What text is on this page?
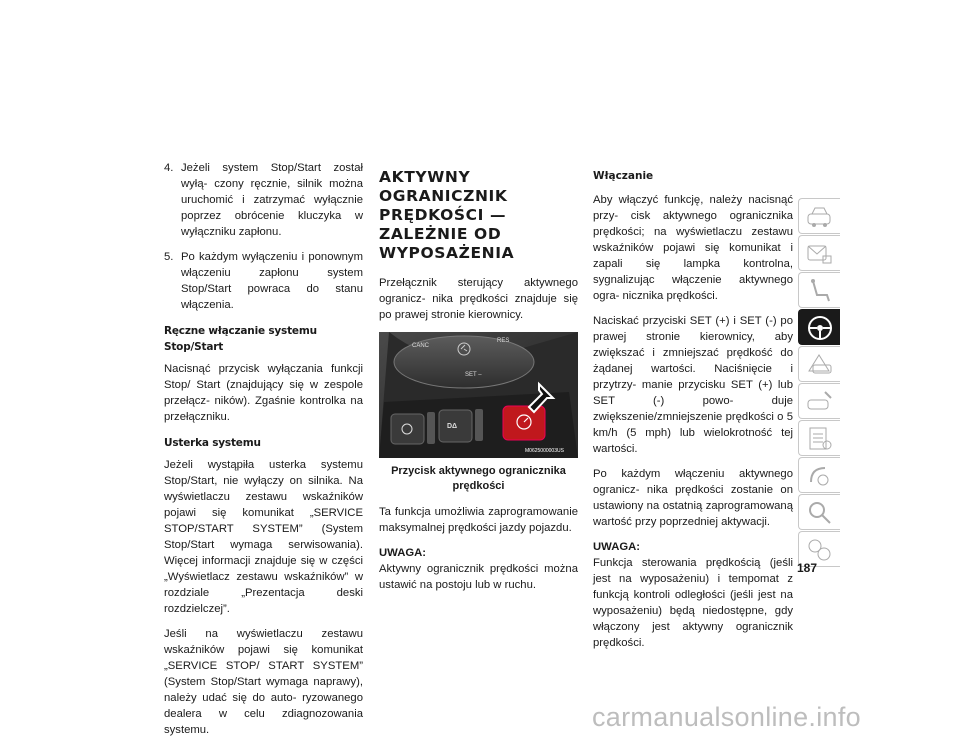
4. Jeżeli system Stop/Start został wyłą- czony ręcznie, silnik można uruchomić i zatrzymać wyłącznie poprzez obrócenie kluczyka w wyłączniku zapłonu.
5. Po każdym wyłączeniu i ponownym włączeniu zapłonu system Stop/Start powraca do stanu włączenia.
Ręczne włączanie systemu Stop/Start

Nacisnąć przycisk wyłączania funkcji Stop/ Start (znajdujący się w zespole przełącz- ników). Zgaśnie kontrolka na przełączniku.

Usterka systemu

Jeżeli wystąpiła usterka systemu Stop/Start, nie wyłączy on silnika. Na wyświetlaczu zestawu wskaźników pojawi się komunikat „SERVICE STOP/START SYSTEM” (System Stop/Start wymaga serwisowania). Więcej informacji znajduje się w części „Wyświetlacz zestawu wskaźników” w rozdziale „Prezentacja deski rozdzielczej”.

Jeśli na wyświetlaczu zestawu wskaźników pojawi się komunikat „SERVICE STOP/ START SYSTEM” (System Stop/Start wymaga naprawy), należy udać się do auto- ryzowanego dealera w celu zdiagnozowania systemu.

AKTYWNY OGRANICZNIK PRĘDKOŚCI — ZALEŻNIE OD WYPOSAŻENIA

Przełącznik sterujący aktywnego ogranicz- nika prędkości znajduje się po prawej stronie kierownicy.

CANC
RES
SET –
DΔ
M0625000003US

Przycisk aktywnego ogranicznika prędkości

Ta funkcja umożliwia zaprogramowanie maksymalnej prędkości jazdy pojazdu.

UWAGA:

Aktywny ogranicznik prędkości można ustawić na postoju lub w ruchu.

Włączanie

Aby włączyć funkcję, należy nacisnąć przy- cisk aktywnego ogranicznika prędkości; na wyświetlaczu zestawu wskaźników pojawi się komunikat i zapali się lampka kontrolna, sygnalizując włączenie aktywnego ogra- nicznika prędkości.

Naciskać przyciski SET (+) i SET (-) po prawej stronie kierownicy, aby zwiększać i zmniejszać prędkość do żądanej wartości. Naciśnięcie i przytrzy- manie przycisku SET (+) lub SET (-) powo- duje zwiększenie/zmniejszenie prędkości o 5 km/h (5 mph) lub wielokrotność tej wartości.

Po każdym włączeniu aktywnego ogranicz- nika prędkości zostanie on ustawiony na ostatnią zaprogramowaną wartość przy poprzedniej aktywacji.

UWAGA:

Funkcja sterowania prędkością (jeśli jest na wyposażeniu) i tempomat z funkcją kontroli odległości (jeśli jest na wyposażeniu) będą niedostępne, gdy włączony jest aktywny ogranicznik prędkości.

187
carmanualsonline.info
